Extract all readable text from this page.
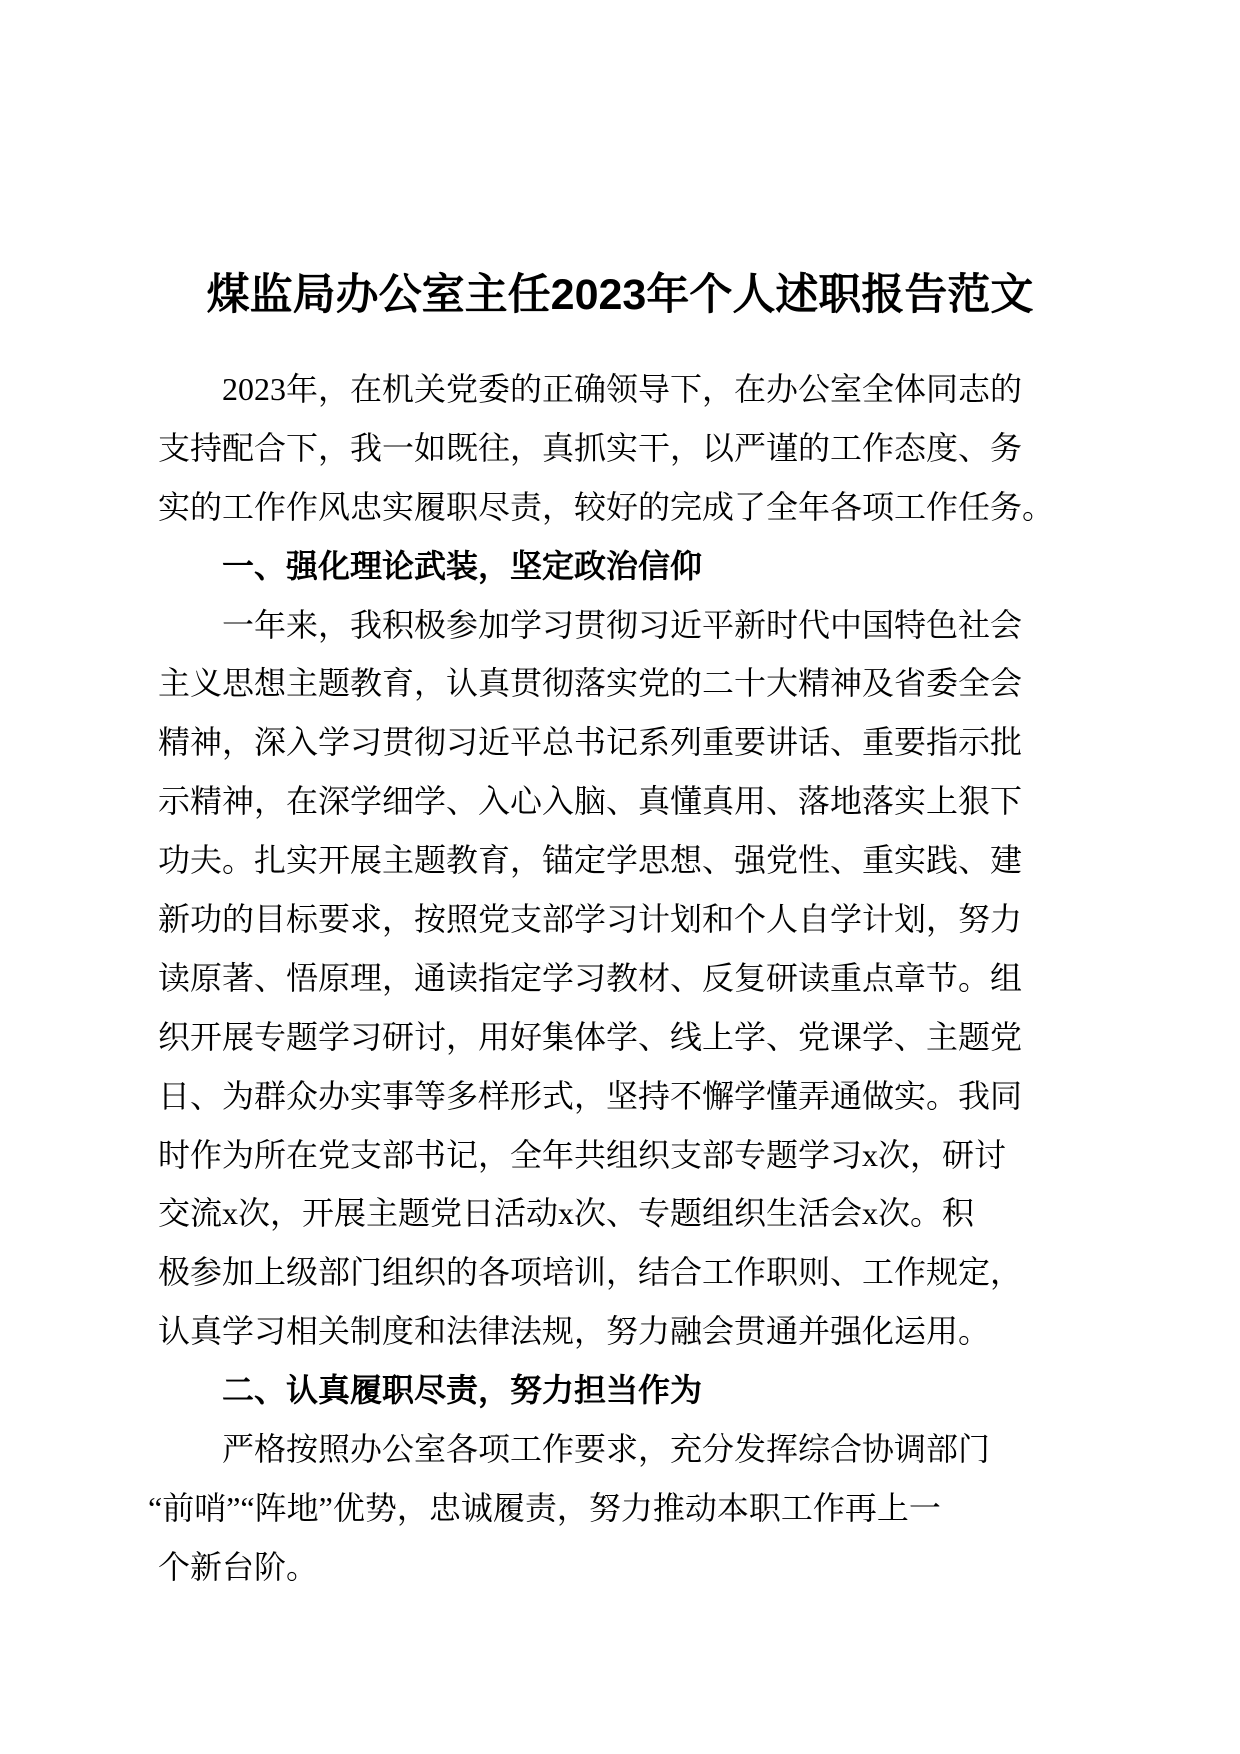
煤监局办公室主任2023年个人述职报告范文
2023年，在机关党委的正确领导下，在办公室全体同志的
支持配合下，我一如既往，真抓实干，以严谨的工作态度、务
实的工作作风忠实履职尽责，较好的完成了全年各项工作任务。
一、强化理论武装，坚定政治信仰
一年来，我积极参加学习贯彻习近平新时代中国特色社会
主义思想主题教育，认真贯彻落实党的二十大精神及省委全会
精神，深入学习贯彻习近平总书记系列重要讲话、重要指示批
示精神，在深学细学、入心入脑、真懂真用、落地落实上狠下
功夫。扎实开展主题教育，锚定学思想、强党性、重实践、建
新功的目标要求，按照党支部学习计划和个人自学计划，努力
读原著、悟原理，通读指定学习教材、反复研读重点章节。组
织开展专题学习研讨，用好集体学、线上学、党课学、主题党
日、为群众办实事等多样形式，坚持不懈学懂弄通做实。我同
时作为所在党支部书记，全年共组织支部专题学习x次，研讨
交流x次，开展主题党日活动x次、专题组织生活会x次。积
极参加上级部门组织的各项培训，结合工作职则、工作规定，
认真学习相关制度和法律法规，努力融会贯通并强化运用。
二、认真履职尽责，努力担当作为
严格按照办公室各项工作要求，充分发挥综合协调部门
“前哨”“阵地”优势，忠诚履责，努力推动本职工作再上一
个新台阶。
